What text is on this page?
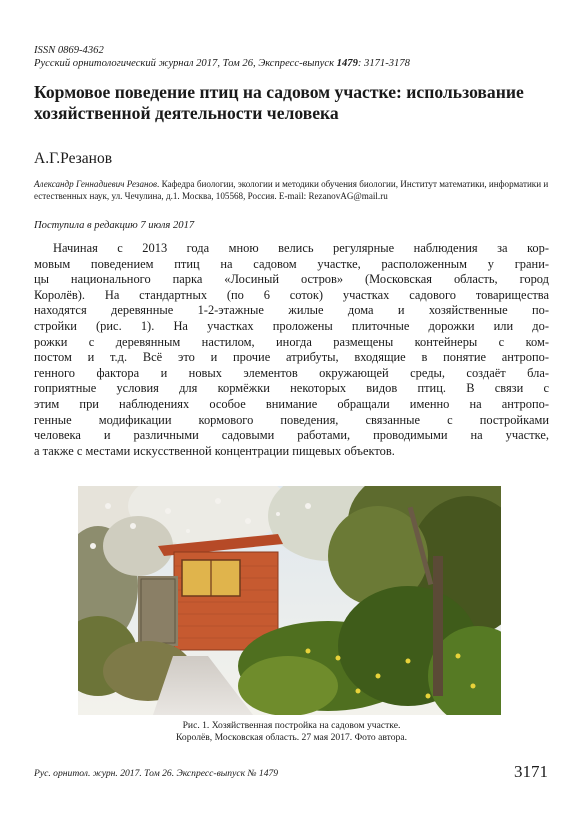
ISSN 0869-4362
Русский орнитологический журнал 2017, Том 26, Экспресс-выпуск 1479: 3171-3178
Кормовое поведение птиц на садовом участке: использование хозяйственной деятельности человека
А.Г.Резанов
Александр Геннадиевич Резанов. Кафедра биологии, экологии и методики обучения биологии, Институт математики, информатики и естественных наук, ул. Чечулина, д.1. Москва, 105568, Россия. E-mail: RezanovAG@mail.ru
Поступила в редакцию 7 июля 2017
Начиная с 2013 года мною велись регулярные наблюдения за кор-
мовым поведением птиц на садовом участке, расположенным у грани-
цы национального парка «Лосиный остров» (Московская область, город
Королёв). На стандартных (по 6 соток) участках садового товарищества
находятся деревянные 1-2-этажные жилые дома и хозяйственные по-
стройки (рис. 1). На участках проложены плиточные дорожки или до-
рожки с деревянным настилом, иногда размещены контейнеры с ком-
постом и т.д. Всё это и прочие атрибуты, входящие в понятие антропо-
генного фактора и новых элементов окружающей среды, создаёт бла-
гоприятные условия для кормёжки некоторых видов птиц. В связи с
этим при наблюдениях особое внимание обращали именно на антропо-
генные модификации кормового поведения, связанные с постройками
человека и различными садовыми работами, проводимыми на участке,
а также с местами искусственной концентрации пищевых объектов.
Рис. 1. Хозяйственная постройка на садовом участке.
Королёв, Московская область. 27 мая 2017. Фото автора.
Рус. орнитол. журн. 2017. Том 26. Экспресс-выпуск № 1479	3171
